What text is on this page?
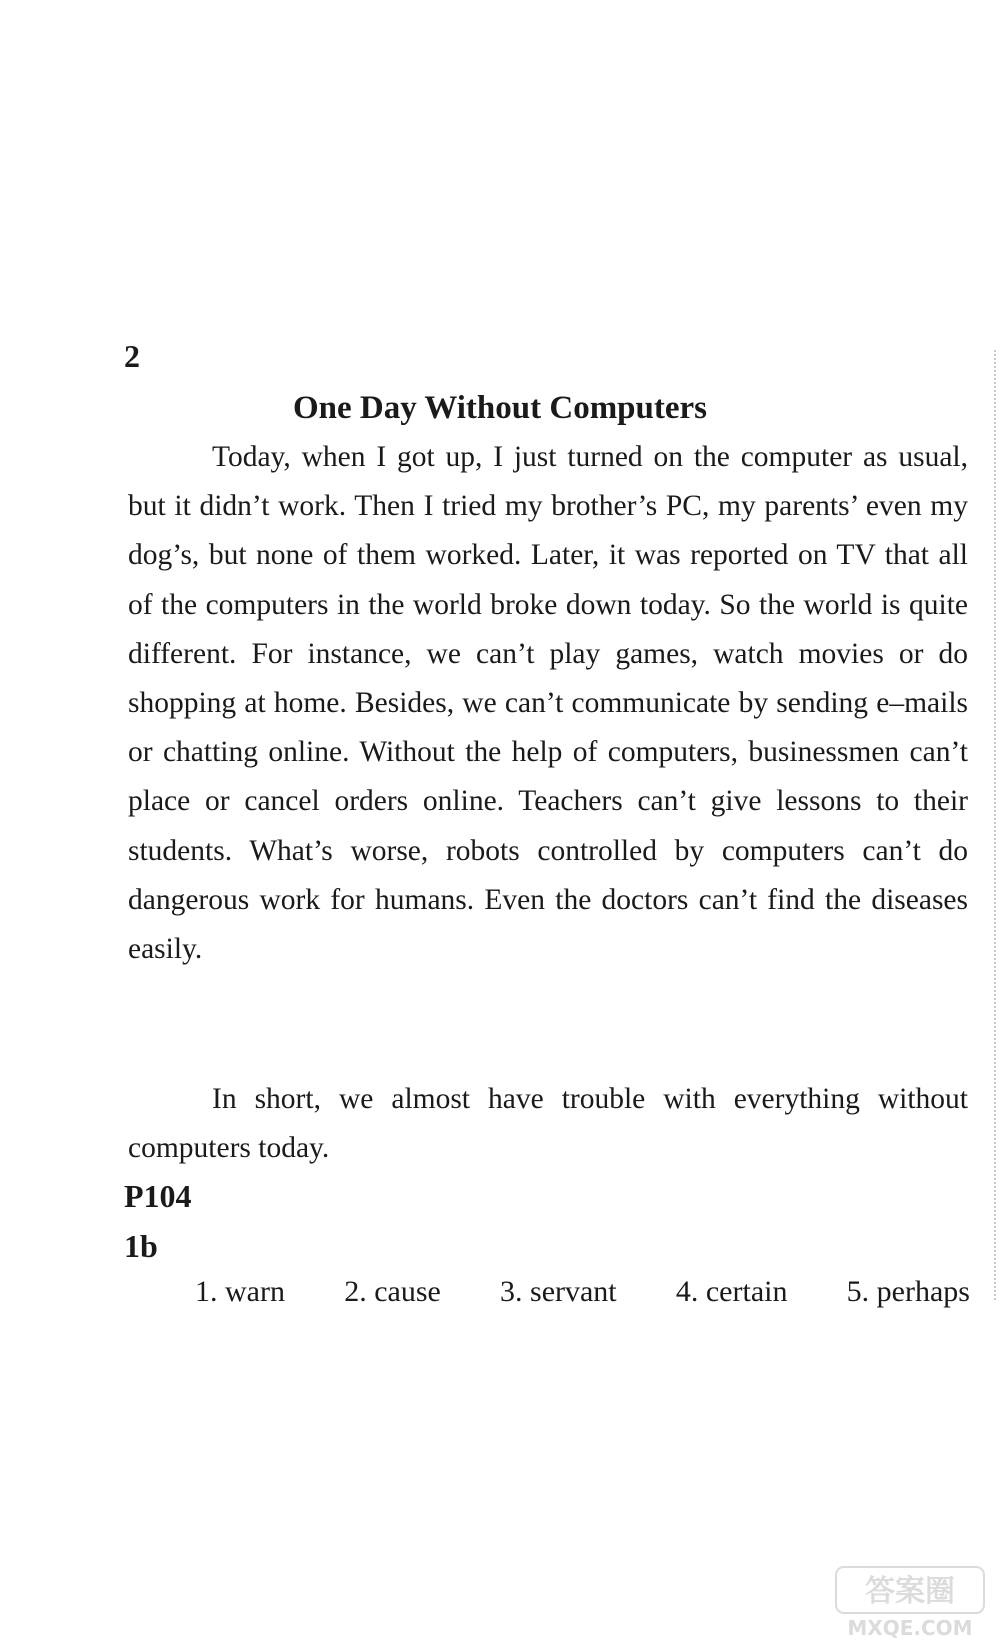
2
One Day Without Computers

Today, when I got up, I just turned on the computer as usual, but it didn’t work. Then I tried my brother’s PC, my parents’ even my dog’s, but none of them worked. Later, it was reported on TV that all of the computers in the world broke down today. So the world is quite different. For instance, we can’t play games, watch movies or do shopping at home. Besides, we can’t communicate by sending e–mails or chatting online. Without the help of computers, businessmen can’t place or cancel orders online. Teachers can’t give lessons to their students. What’s worse, robots controlled by computers can’t do dangerous work for humans. Even the doctors can’t find the diseases easily.

In short, we almost have trouble with everything without computers today.

P104
1b
1. warn 2. cause 3. servant 4. certain 5. perhaps
答案圈
MXQE.COM
